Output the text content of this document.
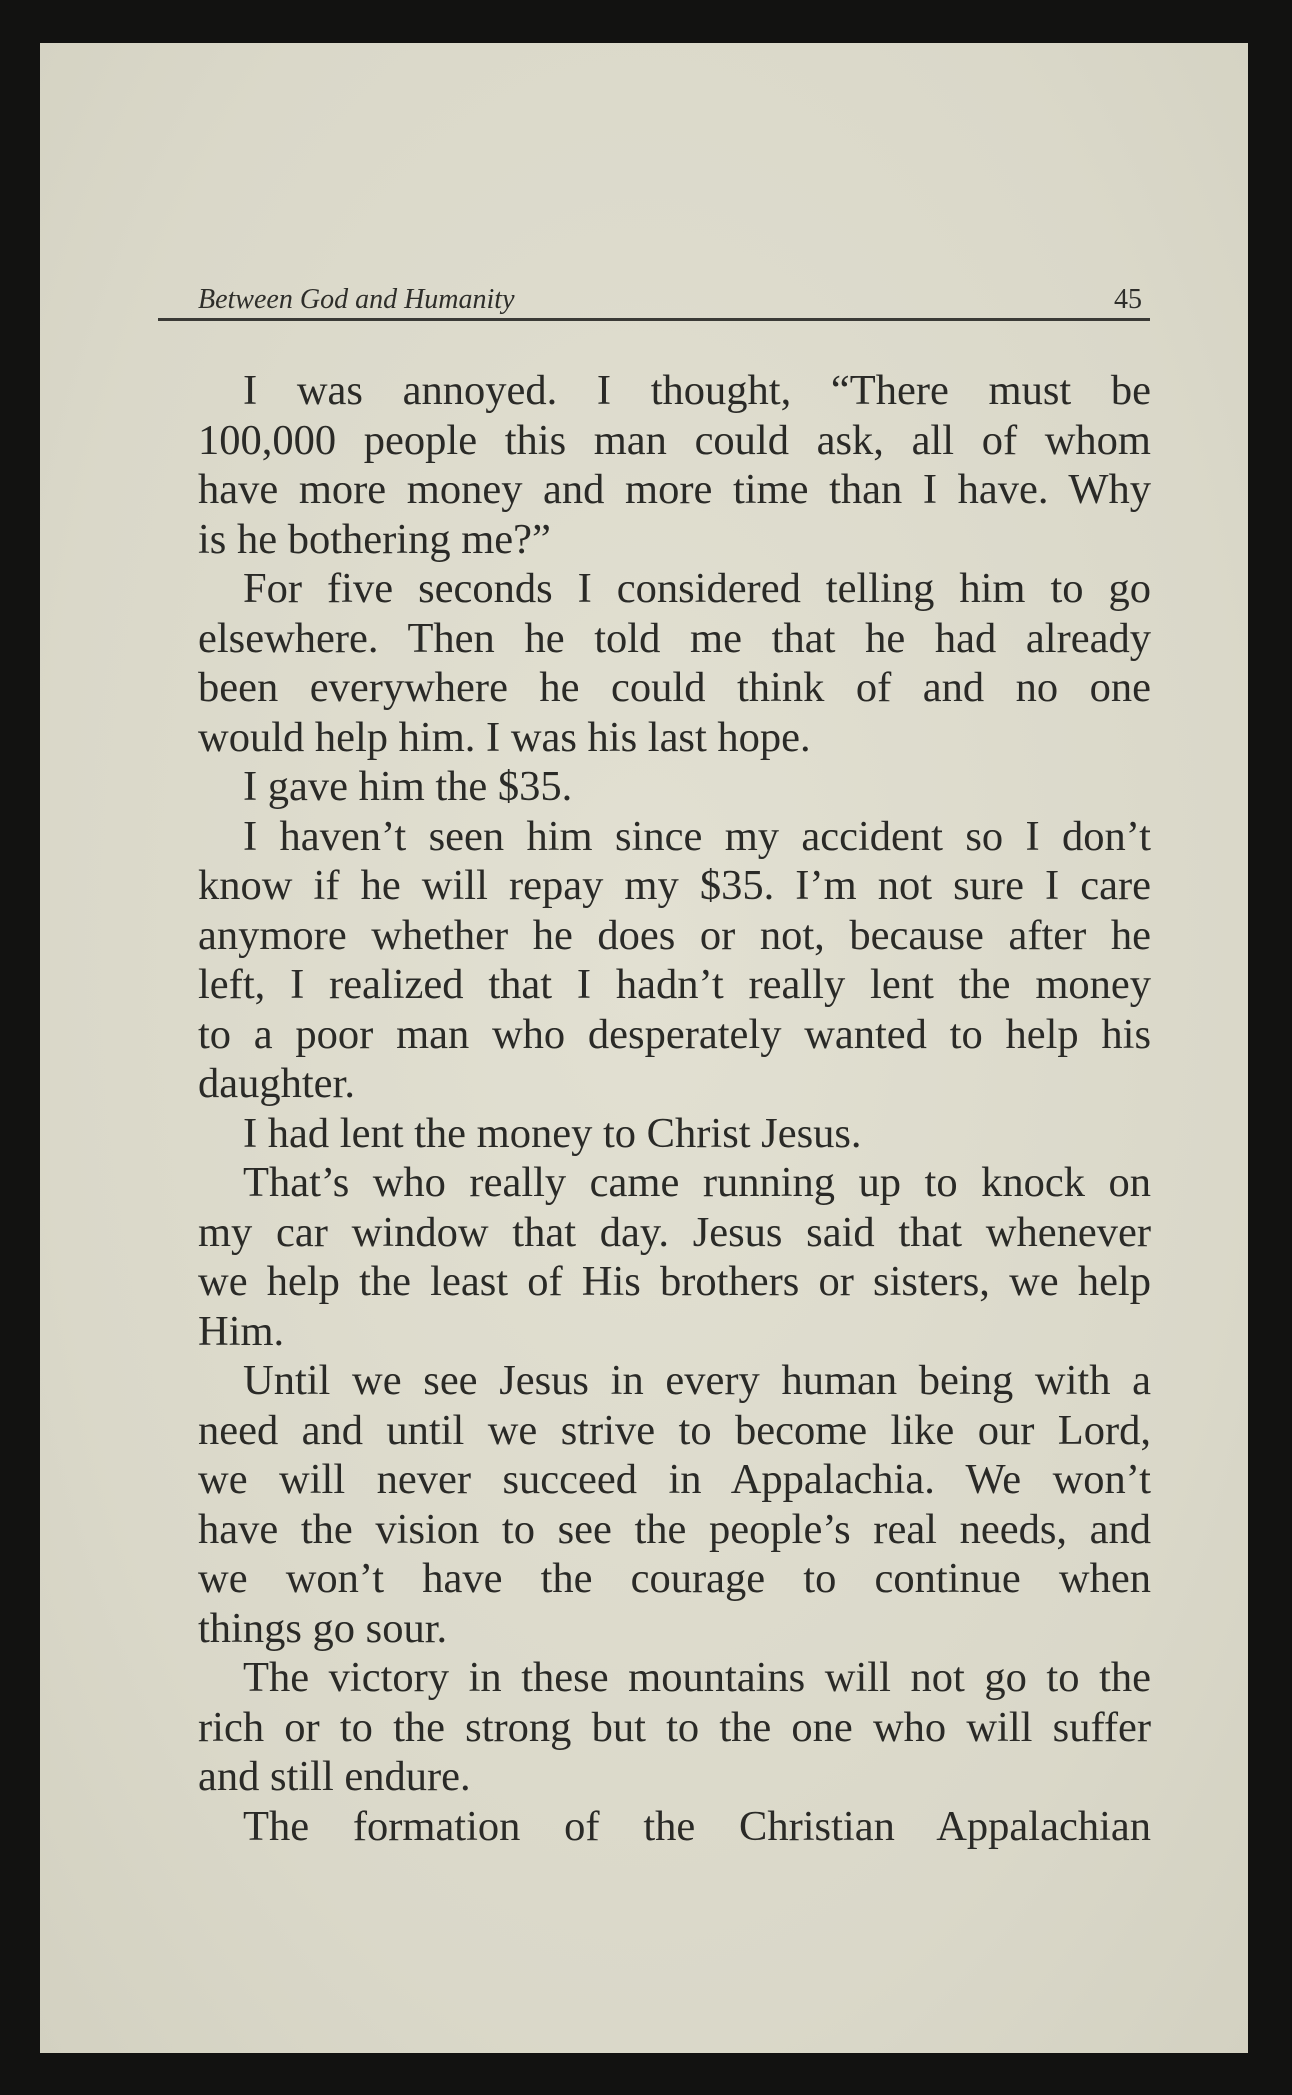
Between God and Humanity	45
I was annoyed. I thought, “There must be
100,000 people this man could ask, all of whom
have more money and more time than I have. Why
is he bothering me?”
For five seconds I considered telling him to go
elsewhere. Then he told me that he had already
been everywhere he could think of and no one
would help him. I was his last hope.
I gave him the $35.
I haven’t seen him since my accident so I don’t
know if he will repay my $35. I’m not sure I care
anymore whether he does or not, because after he
left, I realized that I hadn’t really lent the money
to a poor man who desperately wanted to help his
daughter.
I had lent the money to Christ Jesus.
That’s who really came running up to knock on
my car window that day. Jesus said that whenever
we help the least of His brothers or sisters, we help
Him.
Until we see Jesus in every human being with a
need and until we strive to become like our Lord,
we will never succeed in Appalachia. We won’t
have the vision to see the people’s real needs, and
we won’t have the courage to continue when
things go sour.
The victory in these mountains will not go to the
rich or to the strong but to the one who will suffer
and still endure.
The formation of the Christian Appalachian
